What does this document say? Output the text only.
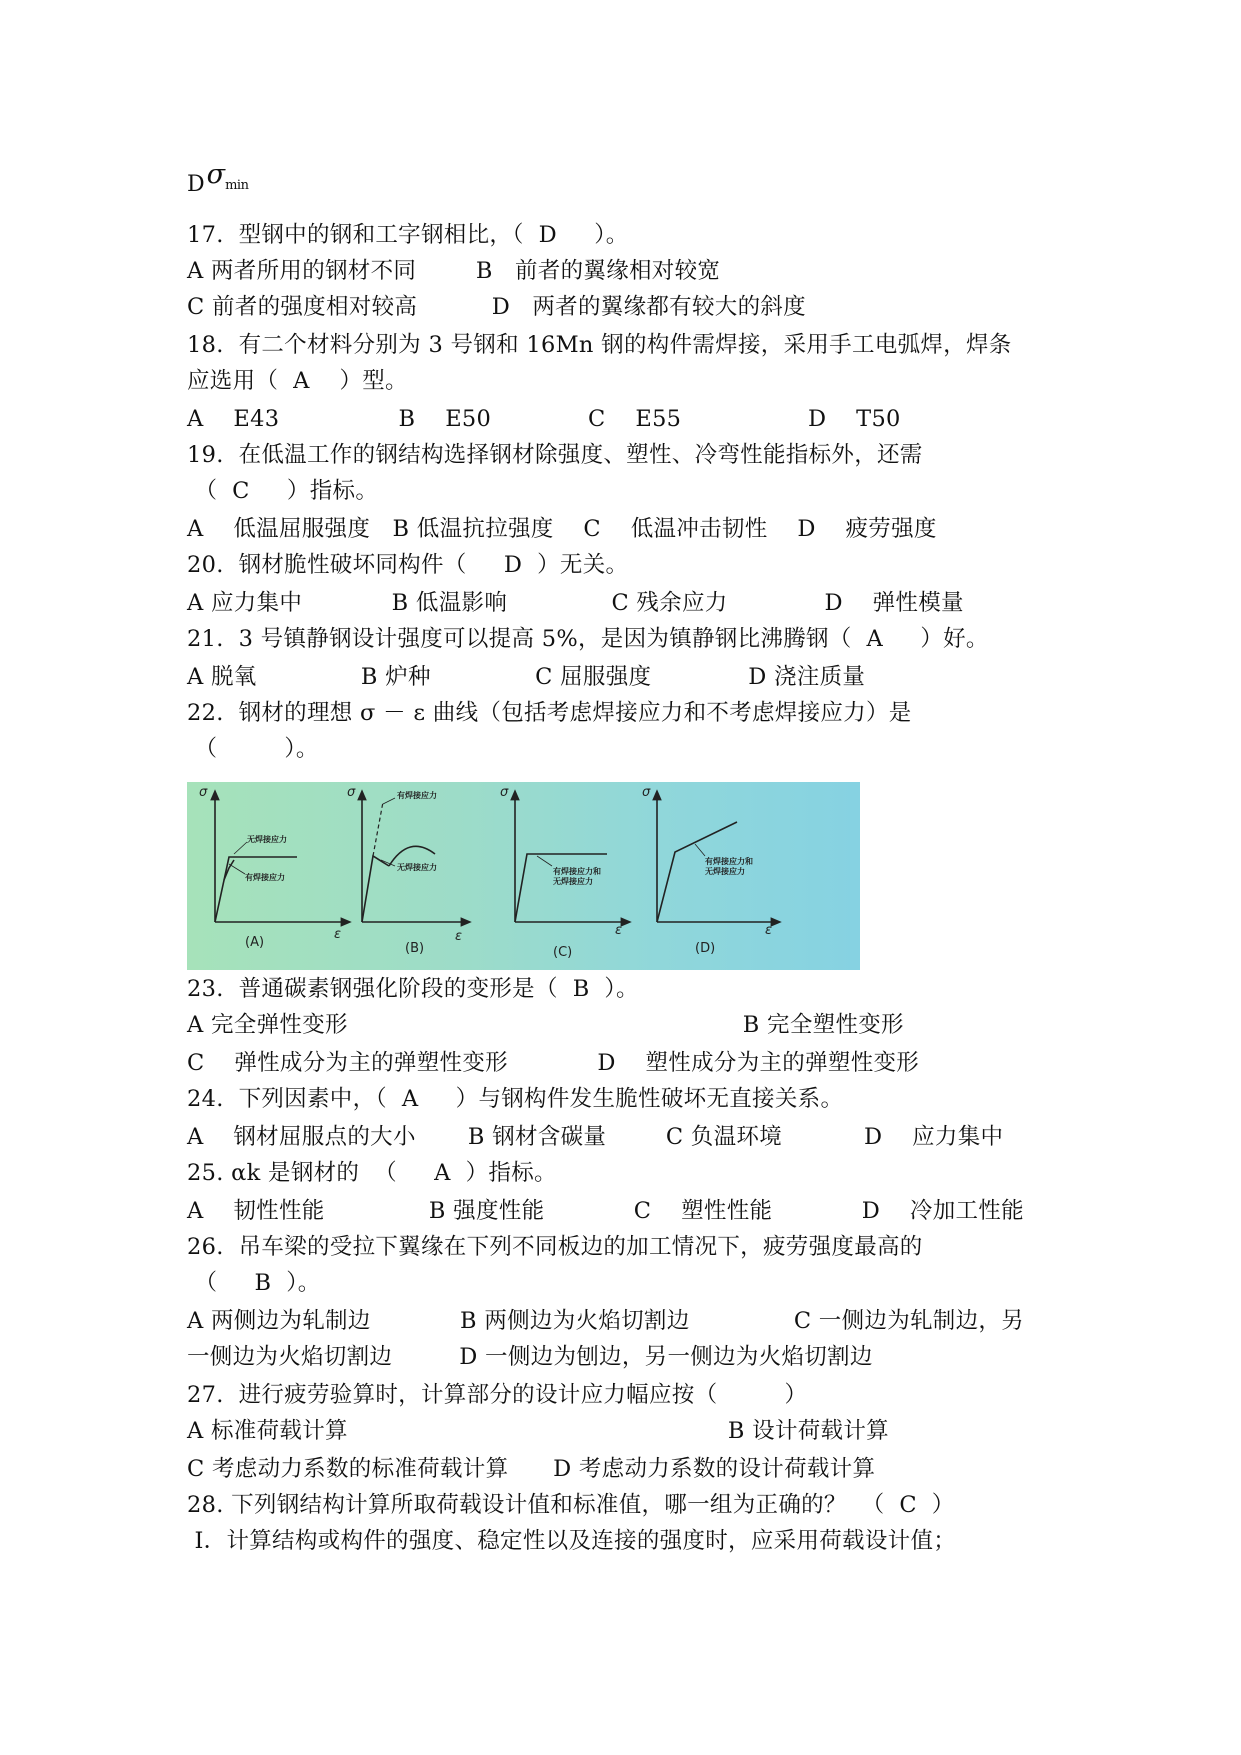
Dσmin
17.  型钢中的钢和工字钢相比，（  D     ）。
A 两者所用的钢材不同        B   前者的翼缘相对较宽
C 前者的强度相对较高          D   两者的翼缘都有较大的斜度
18.  有二个材料分别为 3 号钢和 16Mn 钢的构件需焊接，采用手工电弧焊，焊条
应选用（  A    ）型。
A    E43                B    E50             C    E55                 D    T50
19.  在低温工作的钢结构选择钢材除强度、塑性、冷弯性能指标外，还需
（  C     ）指标。
A    低温屈服强度   B 低温抗拉强度    C    低温冲击韧性    D    疲劳强度
20.  钢材脆性破坏同构件（     D  ）无关。
A 应力集中            B 低温影响              C 残余应力             D    弹性模量
21.  3 号镇静钢设计强度可以提高 5%，是因为镇静钢比沸腾钢（  A     ）好。
A 脱氧              B 炉种              C 屈服强度             D 浇注质量
22.  钢材的理想 σ － ε 曲线（包括考虑焊接应力和不考虑焊接应力）是
（         ）。
σ
ε
无焊接应力
有焊接应力
(A)
σ
ε
有焊接应力
无焊接应力
(B)
σ
ε
有焊接应力和
无焊接应力
(C)
σ
ε
有焊接应力和
无焊接应力
(D)
23.  普通碳素钢强化阶段的变形是（  B  ）。
A 完全弹性变形                                                     B 完全塑性变形
C    弹性成分为主的弹塑性变形            D    塑性成分为主的弹塑性变形
24.  下列因素中，（  A     ）与钢构件发生脆性破坏无直接关系。
A    钢材屈服点的大小       B 钢材含碳量        C 负温环境           D    应力集中
25. αk 是钢材的  （     A  ）指标。
A    韧性性能              B 强度性能            C    塑性性能            D    冷加工性能
26.  吊车梁的受拉下翼缘在下列不同板边的加工情况下，疲劳强度最高的
（     B  ）。
A 两侧边为轧制边            B 两侧边为火焰切割边              C 一侧边为轧制边，另
一侧边为火焰切割边         D 一侧边为刨边，另一侧边为火焰切割边
27.  进行疲劳验算时，计算部分的设计应力幅应按（         ）
A 标准荷载计算                                                   B 设计荷载计算
C 考虑动力系数的标准荷载计算      D 考虑动力系数的设计荷载计算
28. 下列钢结构计算所取荷载设计值和标准值，哪一组为正确的？  （  C  ）
Ⅰ．计算结构或构件的强度、稳定性以及连接的强度时，应采用荷载设计值；
